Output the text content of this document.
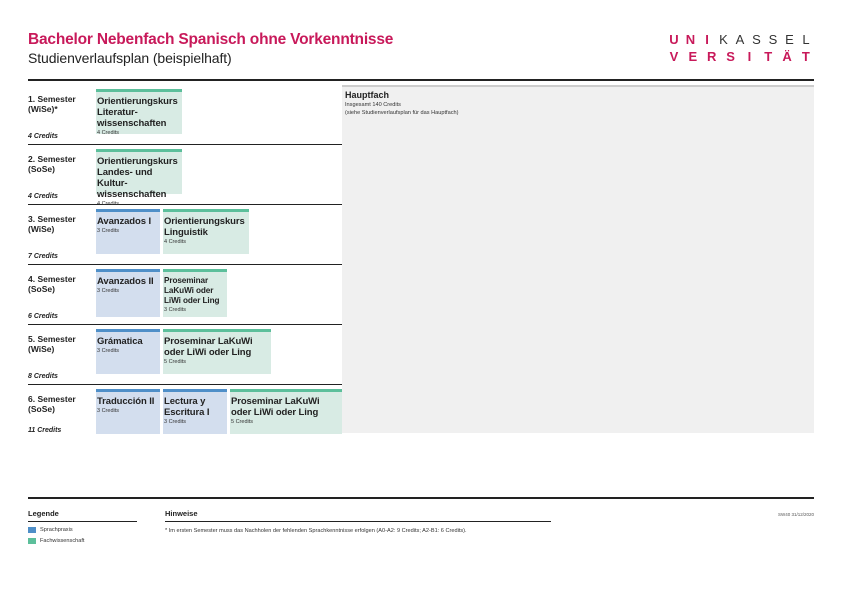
Bachelor Nebenfach Spanisch ohne Vorkenntnisse
Studienverlaufsplan (beispielhaft)
U N I K A S S E L
V E R S I	T Ä T
1. Semester
(WiSe)*
4 Credits
Orientierungskurs
Literatur-
wissenschaften
4 Credits
2. Semester
(SoSe)
4 Credits
Orientierungskurs
Landes- und Kultur-
wissenschaften
4 Credits
3. Semester
(WiSe)
7 Credits
Avanzados I
3 Credits
Orientierungskurs
Linguistik
4 Credits
4. Semester
(SoSe)
6 Credits
Avanzados II
3 Credits
Proseminar
LaKuWi oder
LiWi oder Ling
3 Credits
5. Semester
(WiSe)
8 Credits
Grámatica
3 Credits
Proseminar LaKuWi
oder LiWi oder Ling
5 Credits
6. Semester
(SoSe)
11 Credits
Traducción II
3 Credits
Lectura y
Escritura I
3 Credits
Proseminar LaKuWi
oder LiWi oder Ling
5 Credits
Hauptfach
Insgesamt 140 Credits
(siehe Studienverlaufsplan für das Hauptfach)
Legende
Sprachpraxis
Fachwissenschaft
Hinweise
* Im ersten Semester muss das Nachholen der fehlenden Sprachkenntnisse erfolgen (A0-A2: 9 Credits; A2-B1: 6 Credits).
SW40 31/12/2020
